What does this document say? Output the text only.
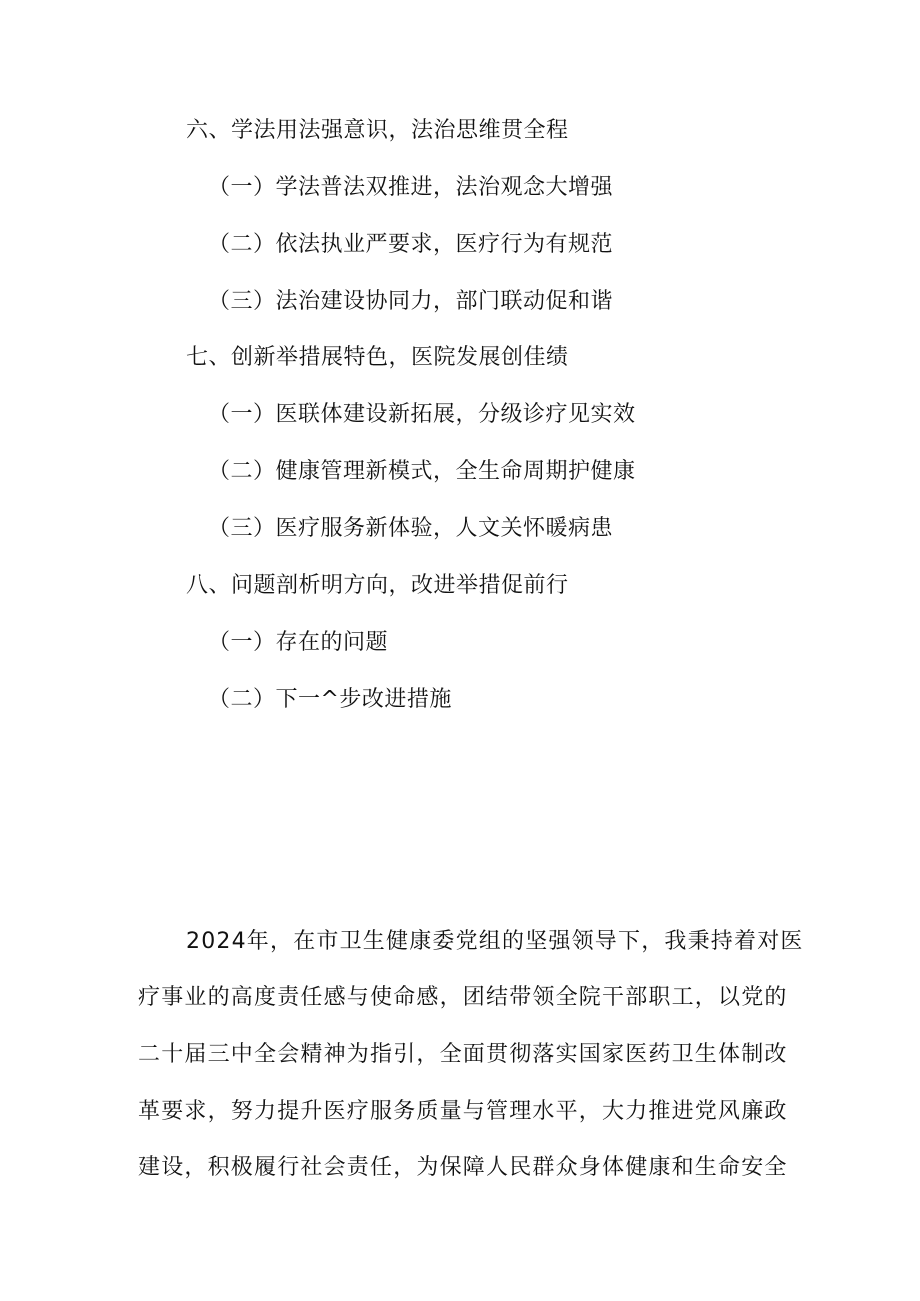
六、学法用法强意识，法治思维贯全程
（一）学法普法双推进，法治观念大增强
（二）依法执业严要求，医疗行为有规范
（三）法治建设协同力，部门联动促和谐
七、创新举措展特色，医院发展创佳绩
（一）医联体建设新拓展，分级诊疗见实效
（二）健康管理新模式，全生命周期护健康
（三）医疗服务新体验，人文关怀暖病患
八、问题剖析明方向，改进举措促前行
（一）存在的问题
（二）下一^步改进措施
2024年，在市卫生健康委党组的坚强领导下，我秉持着对医
疗事业的高度责任感与使命感，团结带领全院干部职工，以党的
二十届三中全会精神为指引，全面贯彻落实国家医药卫生体制改
革要求，努力提升医疗服务质量与管理水平，大力推进党风廉政
建设，积极履行社会责任，为保障人民群众身体健康和生命安全
